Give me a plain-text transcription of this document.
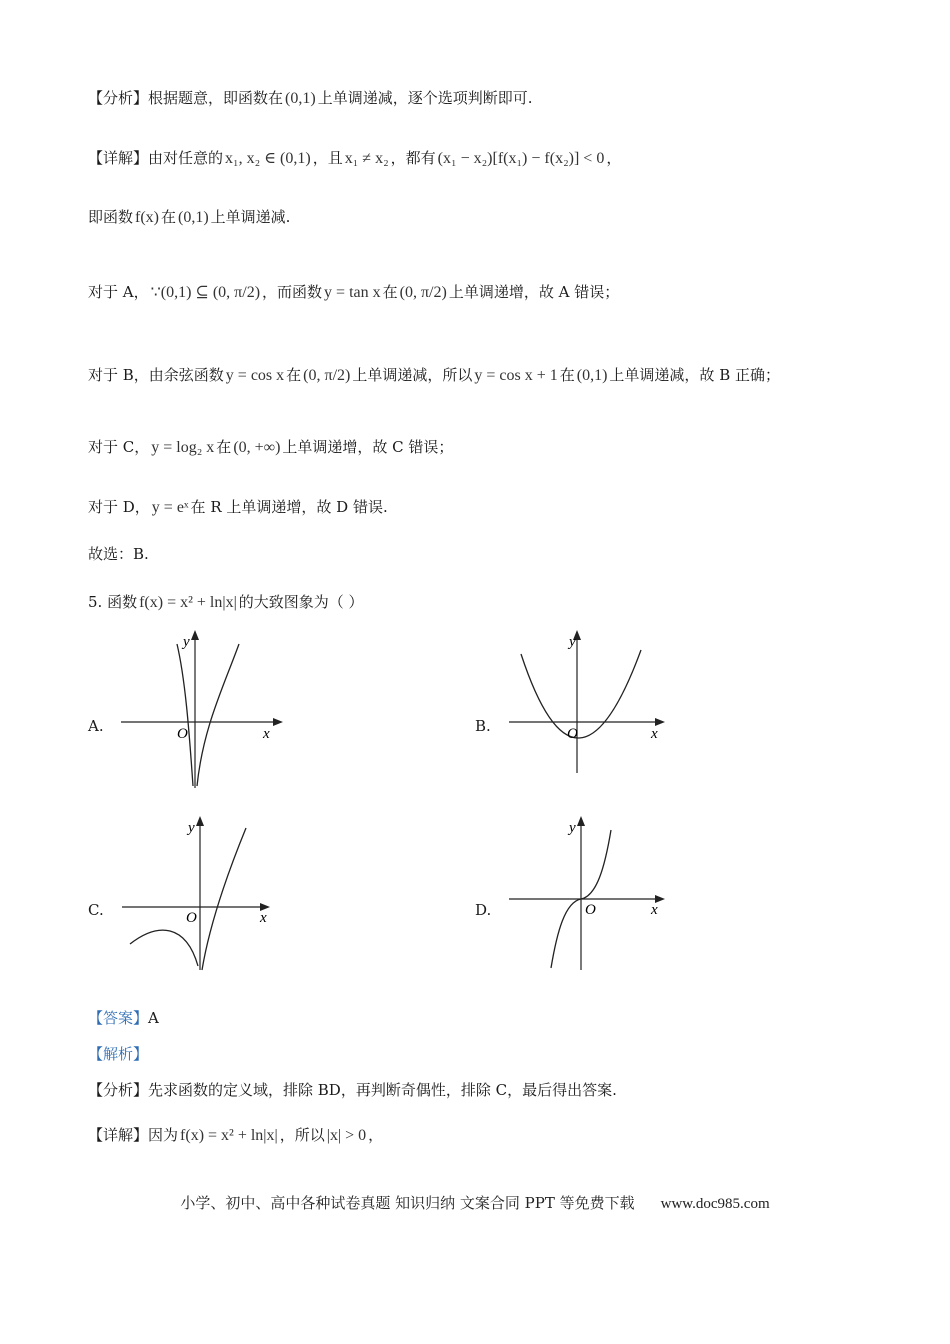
【分析】根据题意，即函数在 (0,1) 上单调递减，逐个选项判断即可.
【详解】由对任意的 x₁, x₂ ∈ (0,1) ，且 x₁ ≠ x₂ ，都有 (x₁ − x₂)[f(x₁) − f(x₂)] < 0 ，
即函数 f(x) 在 (0,1) 上单调递减.
对于 A， ∵(0,1) ⊆ (0, π/2) ，而函数 y = tan x 在 (0, π/2) 上单调递增，故 A 错误；
对于 B，由余弦函数 y = cos x 在 (0, π/2) 上单调递减，所以 y = cos x + 1 在 (0,1) 上单调递减，故 B 正确；
对于 C， y = log₂ x 在 (0, +∞) 上单调递增，故 C 错误；
对于 D， y = eˣ 在 R 上单调递增，故 D 错误.
故选：B.
5. 函数 f(x) = x² + ln|x| 的大致图象为（ ）
A.	O	x
y
B.	O	x
y
C.	O	x
y
D.	O	x
y
【答案】A
【解析】
【分析】先求函数的定义域，排除 BD，再判断奇偶性，排除 C，最后得出答案.
【详解】因为 f(x) = x² + ln|x| ，所以 |x| > 0 ，
小学、初中、高中各种试卷真题 知识归纳 文案合同 PPT 等免费下载 www.doc985.com
